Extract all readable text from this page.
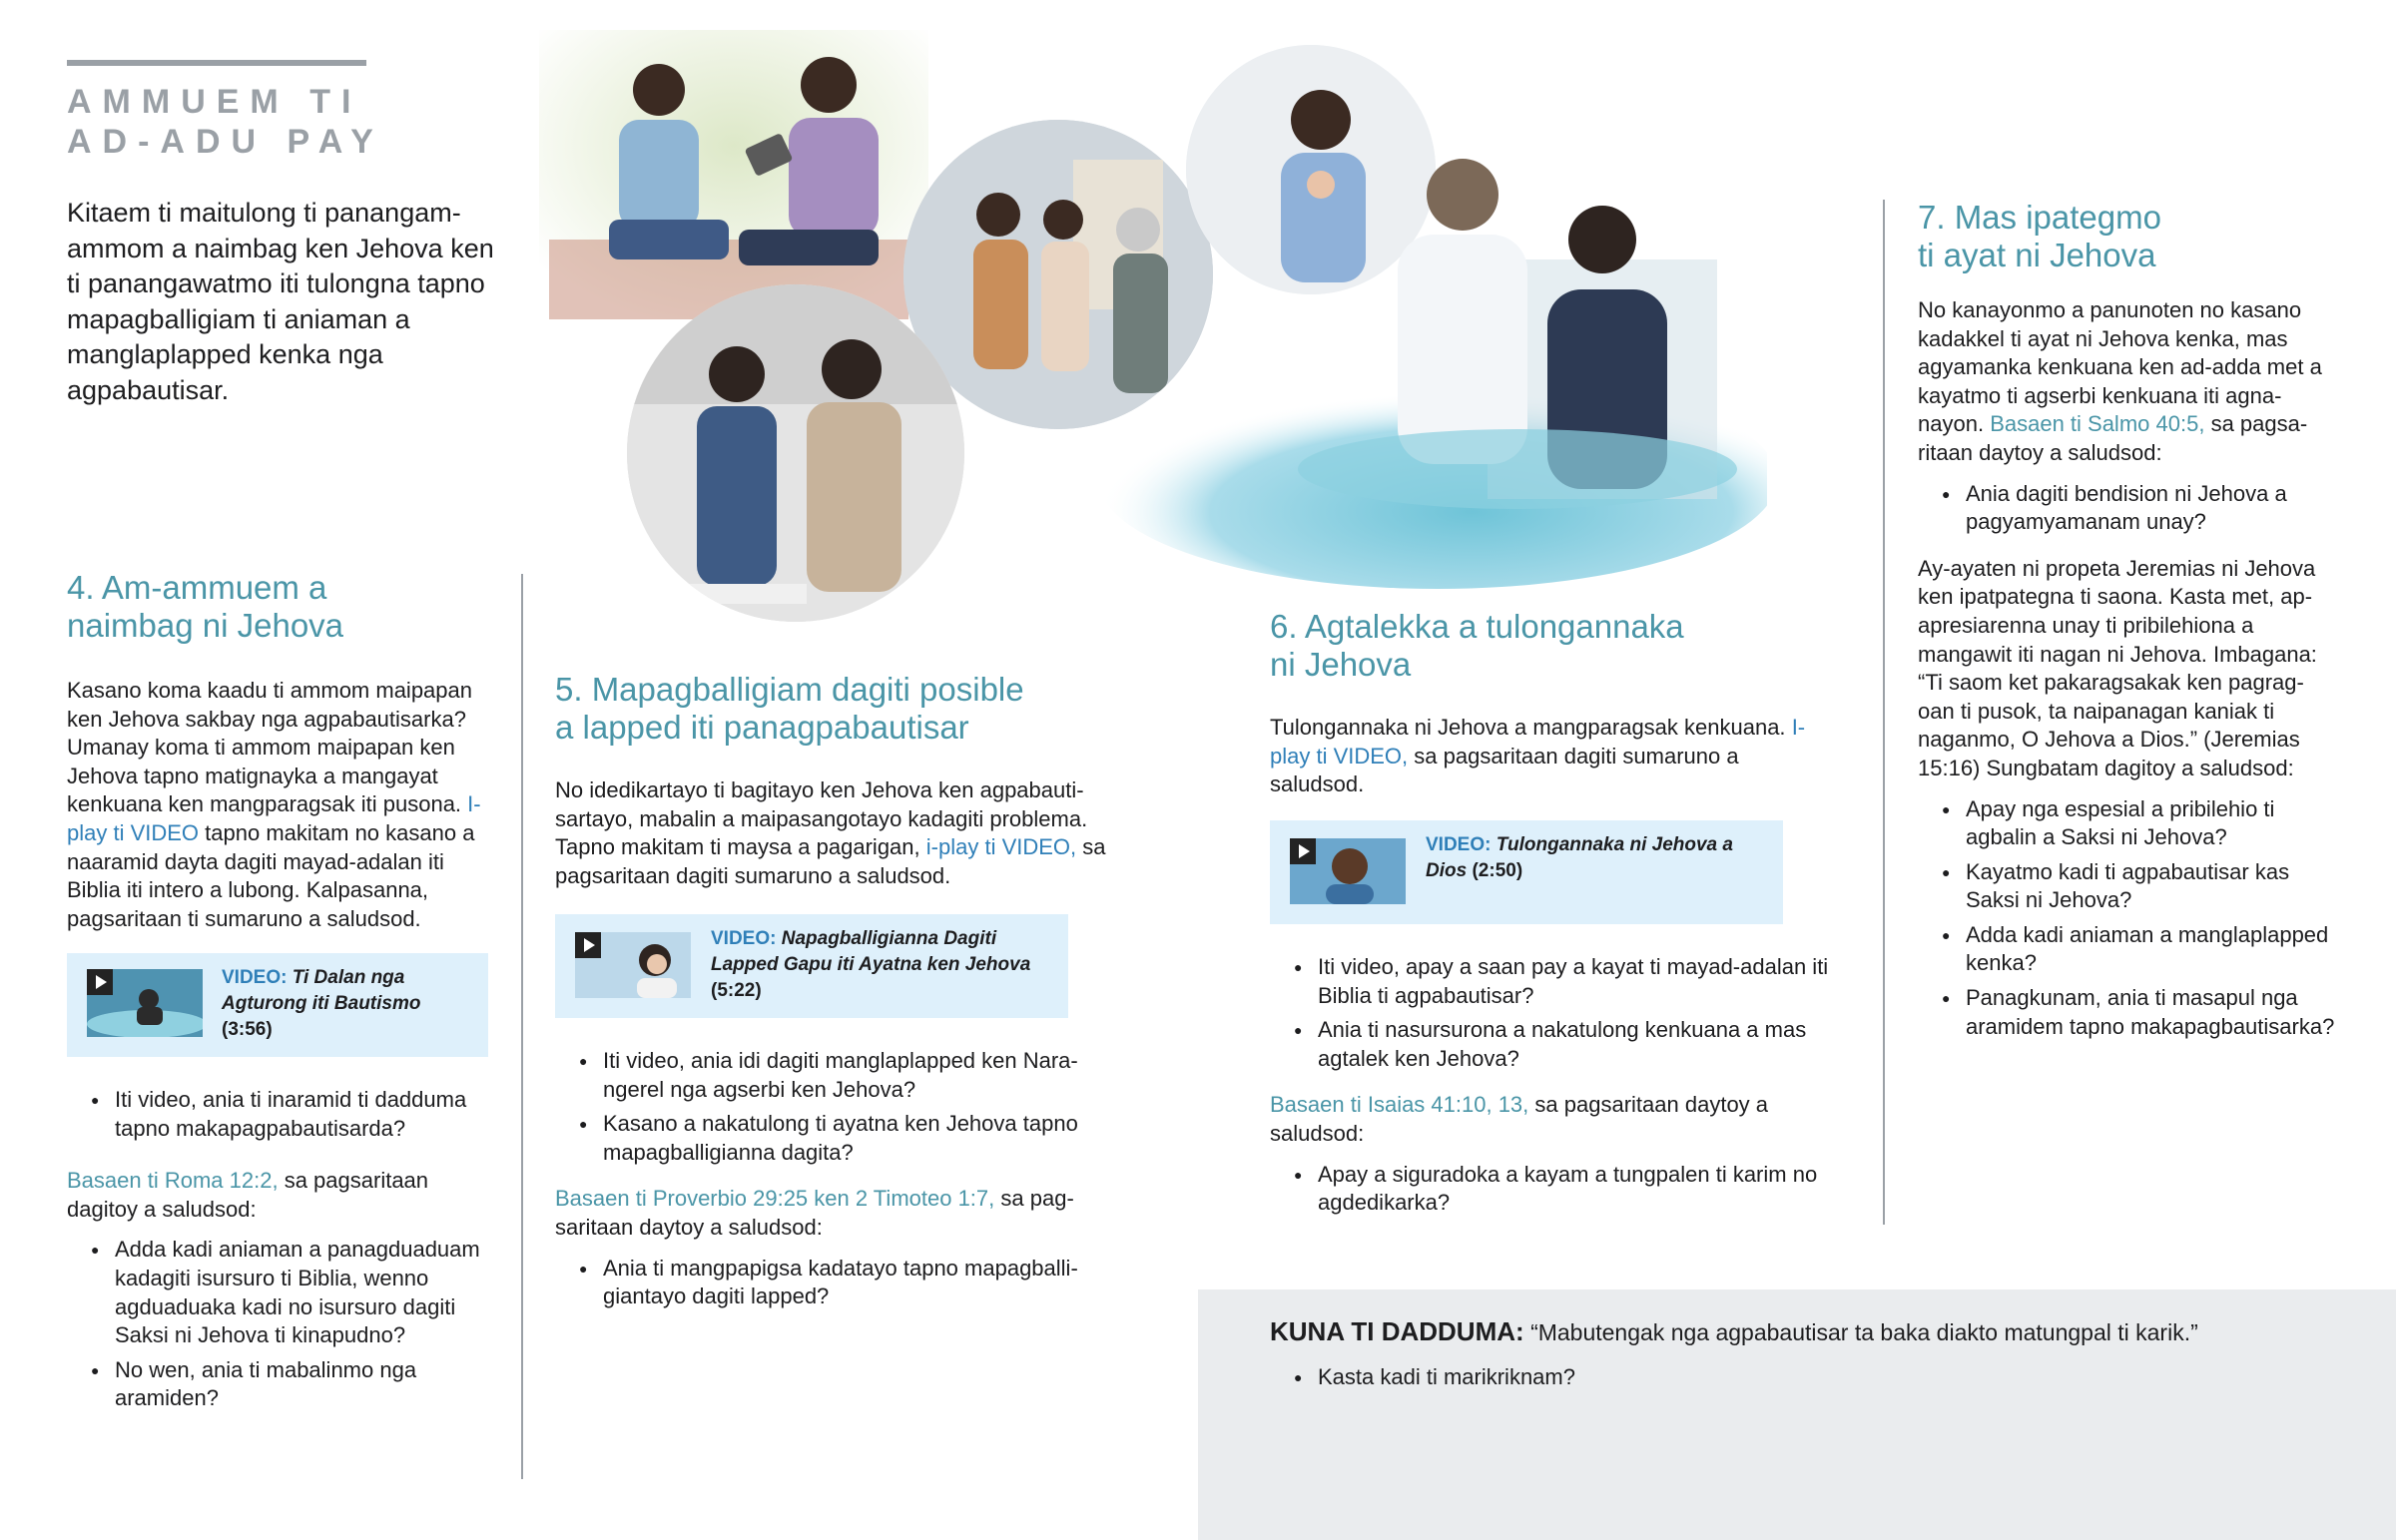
AMMUEM TI
AD-ADU PAY

Kitaem ti maitulong ti panangamammom a naimbag ken Jehova ken ti panangawatmo iti tulongna tapno mapagballigiam ti aniaman a manglaplapped kenka nga agpabautisar.

4. Am-ammuem a
naimbag ni Jehova

Kasano koma kaadu ti ammom maipapan ken Jehova sakbay nga agpabautisarka? Umanay koma ti ammom maipapan ken Jehova tapno matignayka a mangayat kenkuana ken mangparagsak iti pusona. I-play ti VIDEO tapno makitam no kasano a naaramid dayta dagiti mayad-adalan iti Biblia iti intero a lubong. Kalpasanna, pagsaritaan ti sumaruno a saludsod.

VIDEO: Ti Dalan nga Agturong iti Bautismo
(3:56)
● Iti video, ania ti inaramid ti dadduma tapno makapagpabautisarda?

Basaen ti Roma 12:2, sa pagsaritaan dagitoy a saludsod:

● Adda kadi aniaman a panagduaduam kadagiti isursuro ti Biblia, wenno agduaduaka kadi no isursuro dagiti Saksi ni Jehova ti kinapudno?
● No wen, ania ti mabalinmo nga aramiden?
5. Mapagballigiam dagiti posible
a lapped iti panagpabautisar

No idedikartayo ti bagitayo ken Jehova ken agpabautisartayo, mabalin a maipasangotayo kadagiti problema. Tapno makitam ti maysa a pagarigan, i-play ti VIDEO, sa pagsaritaan dagiti sumaruno a saludsod.

VIDEO: Napagballigianna Dagiti Lapped Gapu iti Ayatna ken Jehova
(5:22)
● Iti video, ania idi dagiti manglaplapped ken Narangerel nga agserbi ken Jehova?
● Kasano a nakatulong ti ayatna ken Jehova tapno mapagballigianna dagita?

Basaen ti Proverbio 29:25 ken 2 Timoteo 1:7, sa pagsaritaan daytoy a saludsod:

● Ania ti mangpapigsa kadatayo tapno mapagballigiantayo dagiti lapped?
6. Agtalekka a tulongannaka
ni Jehova

Tulongannaka ni Jehova a mangparagsak kenkuana. I-play ti VIDEO, sa pagsaritaan dagiti sumaruno a saludsod.

VIDEO: Tulongannaka ni Jehova a Dios (2:50)
● Iti video, apay a saan pay a kayat ti mayad-adalan iti Biblia ti agpabautisar?
● Ania ti nasursurona a nakatulong kenkuana a mas agtalek ken Jehova?

Basaen ti Isaias 41:10, 13, sa pagsaritaan daytoy a saludsod:

● Apay a siguradoka a kayam a tungpalen ti karim no agdedikarka?
7. Mas ipategmo
ti ayat ni Jehova

No kanayonmo a panunoten no kasano kadakkel ti ayat ni Jehova kenka, mas agyamanka kenkuana ken ad-adda met a kayatmo ti agserbi kenkuana iti agnanayon. Basaen ti Salmo 40:5, sa pagsaritaan daytoy a saludsod:

● Ania dagiti bendision ni Jehova a pagyamyamanam unay?

Ay-ayaten ni propeta Jeremias ni Jehova ken ipatpategna ti saona. Kasta met, ap-apresiarenna unay ti pribilehiona a mangawit iti nagan ni Jehova. Imbagana: “Ti saom ket pakaragsakak ken pagrag-oan ti pusok, ta naipanagan kaniak ti naganmo, O Jehova a Dios.” (Jeremias 15:16) Sungbatam dagitoy a saludsod:

● Apay nga espesial a pribilehio ti agbalin a Saksi ni Jehova?
● Kayatmo kadi ti agpabautisar kas Saksi ni Jehova?
● Adda kadi aniaman a manglaplapped kenka?
● Panagkunam, ania ti masapul nga aramidem tapno makapagbautisarka?

KUNA TI DADDUMA: “Mabutengak nga agpabautisar ta baka diakto matungpal ti karik.”

● Kasta kadi ti marikriknam?
